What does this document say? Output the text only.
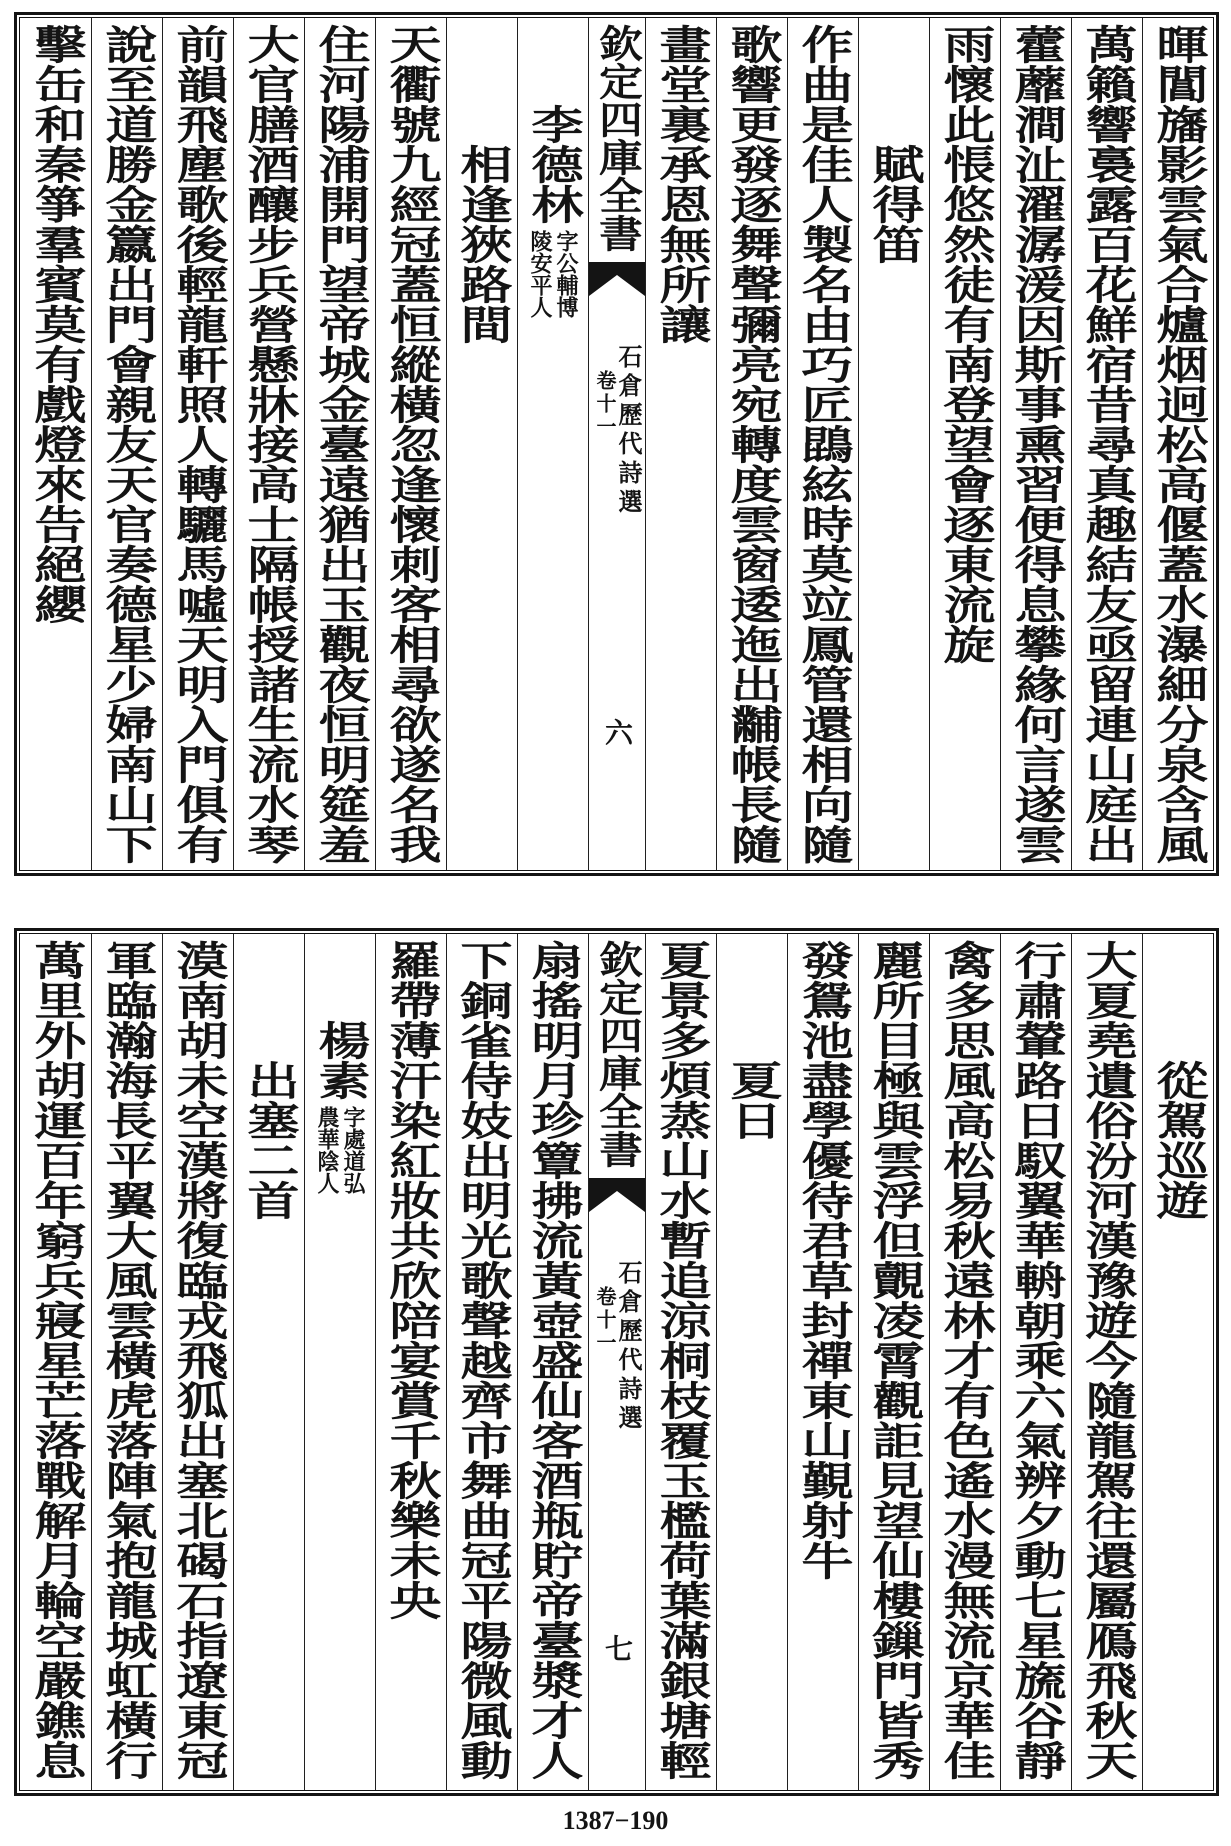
暉閶旛影雲氣合爐烟迥松高偃蓋水瀑細分泉含風
萬籟響裛露百花鮮宿昔尋真趣結友亟留連山庭出
藿蘼澗沚濯潺湲因斯事熏習便得息攀緣何言遂雲
雨懷此悵悠然徒有南登望會逐東流旋
賦得笛
作曲是佳人製名由巧匠鵾絃時莫竝鳳管還相向隨
歌響更發逐舞聲彌亮宛轉度雲窗逶迤出黼帳長隨
畫堂裏承恩無所讓
欽定四庫全書
石倉歷代詩選
卷十一
六
李德林
字公輔博
陵安平人
相逢狹路間
天衢號九經冠蓋恒縱橫忽逢懷刺客相尋欲遂名我
住河陽浦開門望帝城金臺遠猶出玉觀夜恒明筵羞
大官膳酒釀步兵營懸牀接高士隔帳授諸生流水琴
前韻飛塵歌後輕龍軒照人轉驪馬噓天明入門俱有
說至道勝金籝出門會親友天官奏德星少婦南山下
擊缶和秦箏羣賓莫有戲燈來告絕纓
從駕巡遊
大夏堯遺俗汾河漢豫遊今隨龍駕往還屬鴈飛秋天
行肅輦路日馭翼華輈朝乘六氣辨夕動七星旒谷靜
禽多思風高松易秋遠林才有色遙水漫無流京華佳
麗所目極與雲浮但覿凌霄觀詎見望仙樓鏁門皆秀
發鴛池盡學優待君草封禪東山覲射牛
夏日
夏景多煩蒸山水暫追涼桐枝覆玉檻荷葉滿銀塘輕
欽定四庫全書
石倉歷代詩選
卷十一
七
扇搖明月珍簟拂流黃壺盛仙客酒瓶貯帝臺漿才人
下銅雀侍妓出明光歌聲越齊市舞曲冠平陽微風動
羅帶薄汗染紅妝共欣陪宴賞千秋樂未央
楊素
字處道弘
農華陰人
出塞二首
漠南胡未空漢將復臨戎飛狐出塞北碣石指遼東冠
軍臨瀚海長平翼大風雲橫虎落陣氣抱龍城虹橫行
萬里外胡運百年窮兵寢星芒落戰解月輪空嚴鐎息
1387−190
